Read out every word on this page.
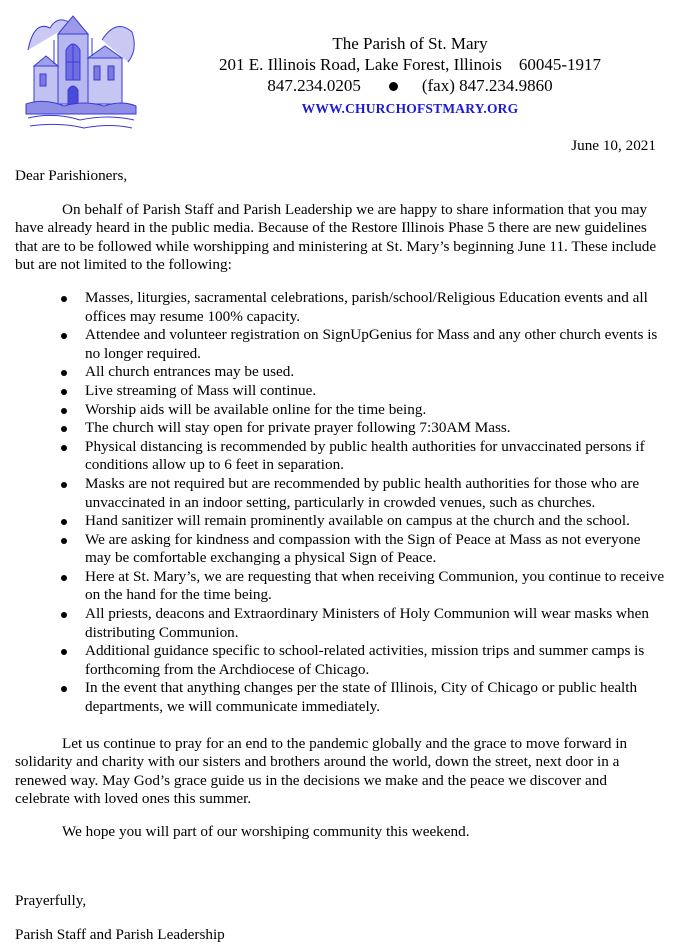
The Parish of St. Mary
201 E. Illinois Road, Lake Forest, Illinois    60045-1917
847.234.0205	(fax) 847.234.9860
WWW.CHURCHOFSTMARY.ORG
June 10, 2021

Dear Parishioners,

On behalf of Parish Staff and Parish Leadership we are happy to share information that you may have already heard in the public media. Because of the Restore Illinois Phase 5 there are new guidelines that are to be followed while worshipping and ministering at St. Mary’s beginning June 11. These include but are not limited to the following:

Masses, liturgies, sacramental celebrations, parish/school/Religious Education events and all offices may resume 100% capacity.
Attendee and volunteer registration on SignUpGenius for Mass and any other church events is no longer required.
All church entrances may be used.
Live streaming of Mass will continue.
Worship aids will be available online for the time being.
The church will stay open for private prayer following 7:30AM Mass.
Physical distancing is recommended by public health authorities for unvaccinated persons if conditions allow up to 6 feet in separation.
Masks are not required but are recommended by public health authorities for those who are unvaccinated in an indoor setting, particularly in crowded venues, such as churches.
Hand sanitizer will remain prominently available on campus at the church and the school.
We are asking for kindness and compassion with the Sign of Peace at Mass as not everyone may be comfortable exchanging a physical Sign of Peace.
Here at St. Mary’s, we are requesting that when receiving Communion, you continue to receive on the hand for the time being.
All priests, deacons and Extraordinary Ministers of Holy Communion will wear masks when distributing Communion.
Additional guidance specific to school-related activities, mission trips and summer camps is forthcoming from the Archdiocese of Chicago.
In the event that anything changes per the state of Illinois, City of Chicago or public health departments, we will communicate immediately.

Let us continue to pray for an end to the pandemic globally and the grace to move forward in solidarity and charity with our sisters and brothers around the world, down the street, next door in a renewed way. May God’s grace guide us in the decisions we make and the peace we discover and celebrate with loved ones this summer.

We hope you will part of our worshiping community this weekend.

Prayerfully,

Parish Staff and Parish Leadership
